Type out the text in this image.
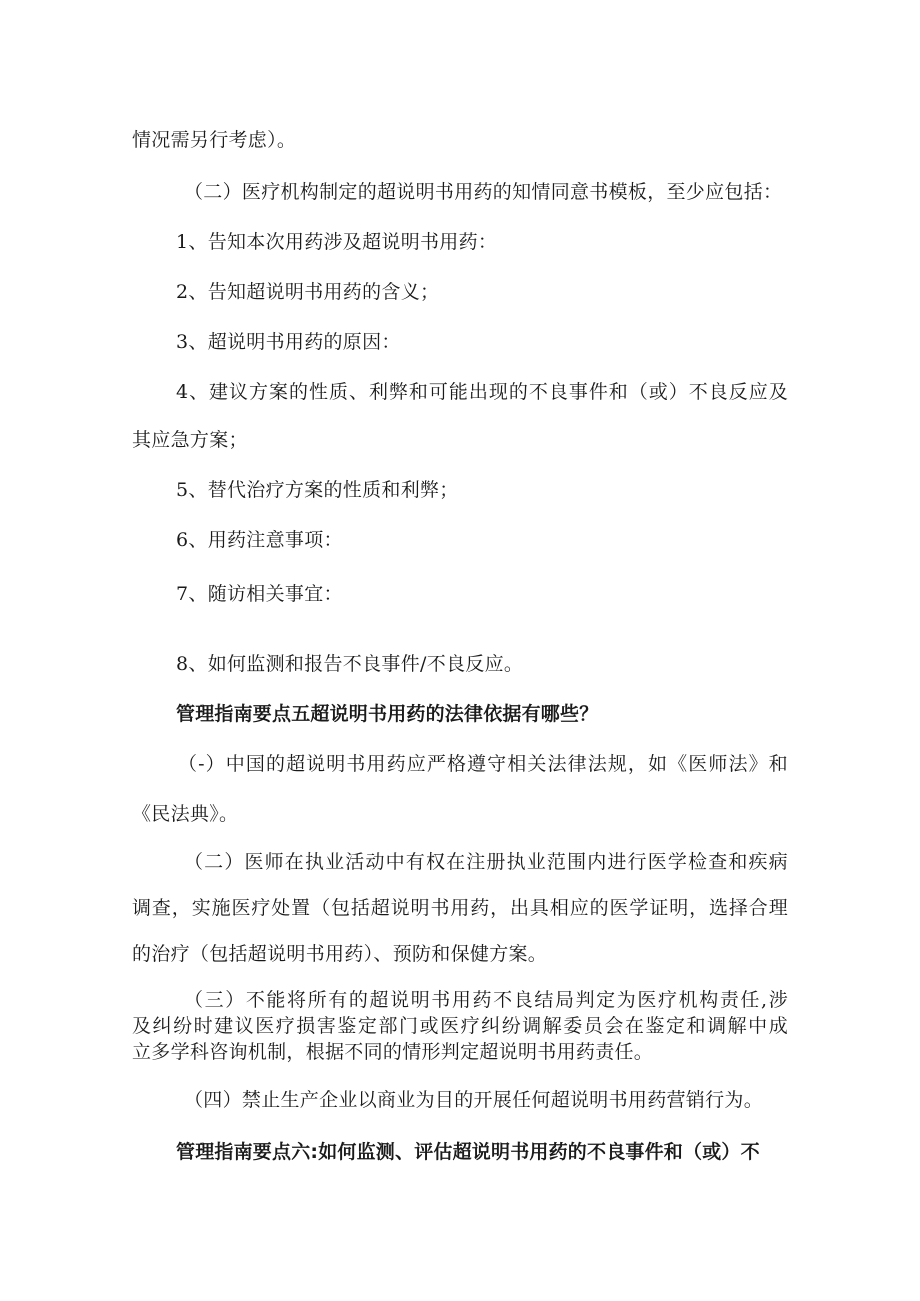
情况需另行考虑）。
（二）医疗机构制定的超说明书用药的知情同意书模板，至少应包括：
1、告知本次用药涉及超说明书用药：
2、告知超说明书用药的含义；
3、超说明书用药的原因：
4、建议方案的性质、利弊和可能出现的不良事件和（或）不良反应及
其应急方案；
5、替代治疗方案的性质和利弊；
6、用药注意事项：
7、随访相关事宜：
8、如何监测和报告不良事件/不良反应。
管理指南要点五超说明书用药的法律依据有哪些？
（-）中国的超说明书用药应严格遵守相关法律法规，如《医师法》和
《民法典》。
（二）医师在执业活动中有权在注册执业范围内进行医学检查和疾病
调查，实施医疗处置（包括超说明书用药，出具相应的医学证明，选择合理
的治疗（包括超说明书用药）、预防和保健方案。
（三）不能将所有的超说明书用药不良结局判定为医疗机构责任,涉
及纠纷时建议医疗损害鉴定部门或医疗纠纷调解委员会在鉴定和调解中成
立多学科咨询机制，根据不同的情形判定超说明书用药责任。
（四）禁止生产企业以商业为目的开展任何超说明书用药营销行为。
管理指南要点六:如何监测、评估超说明书用药的不良事件和（或）不
